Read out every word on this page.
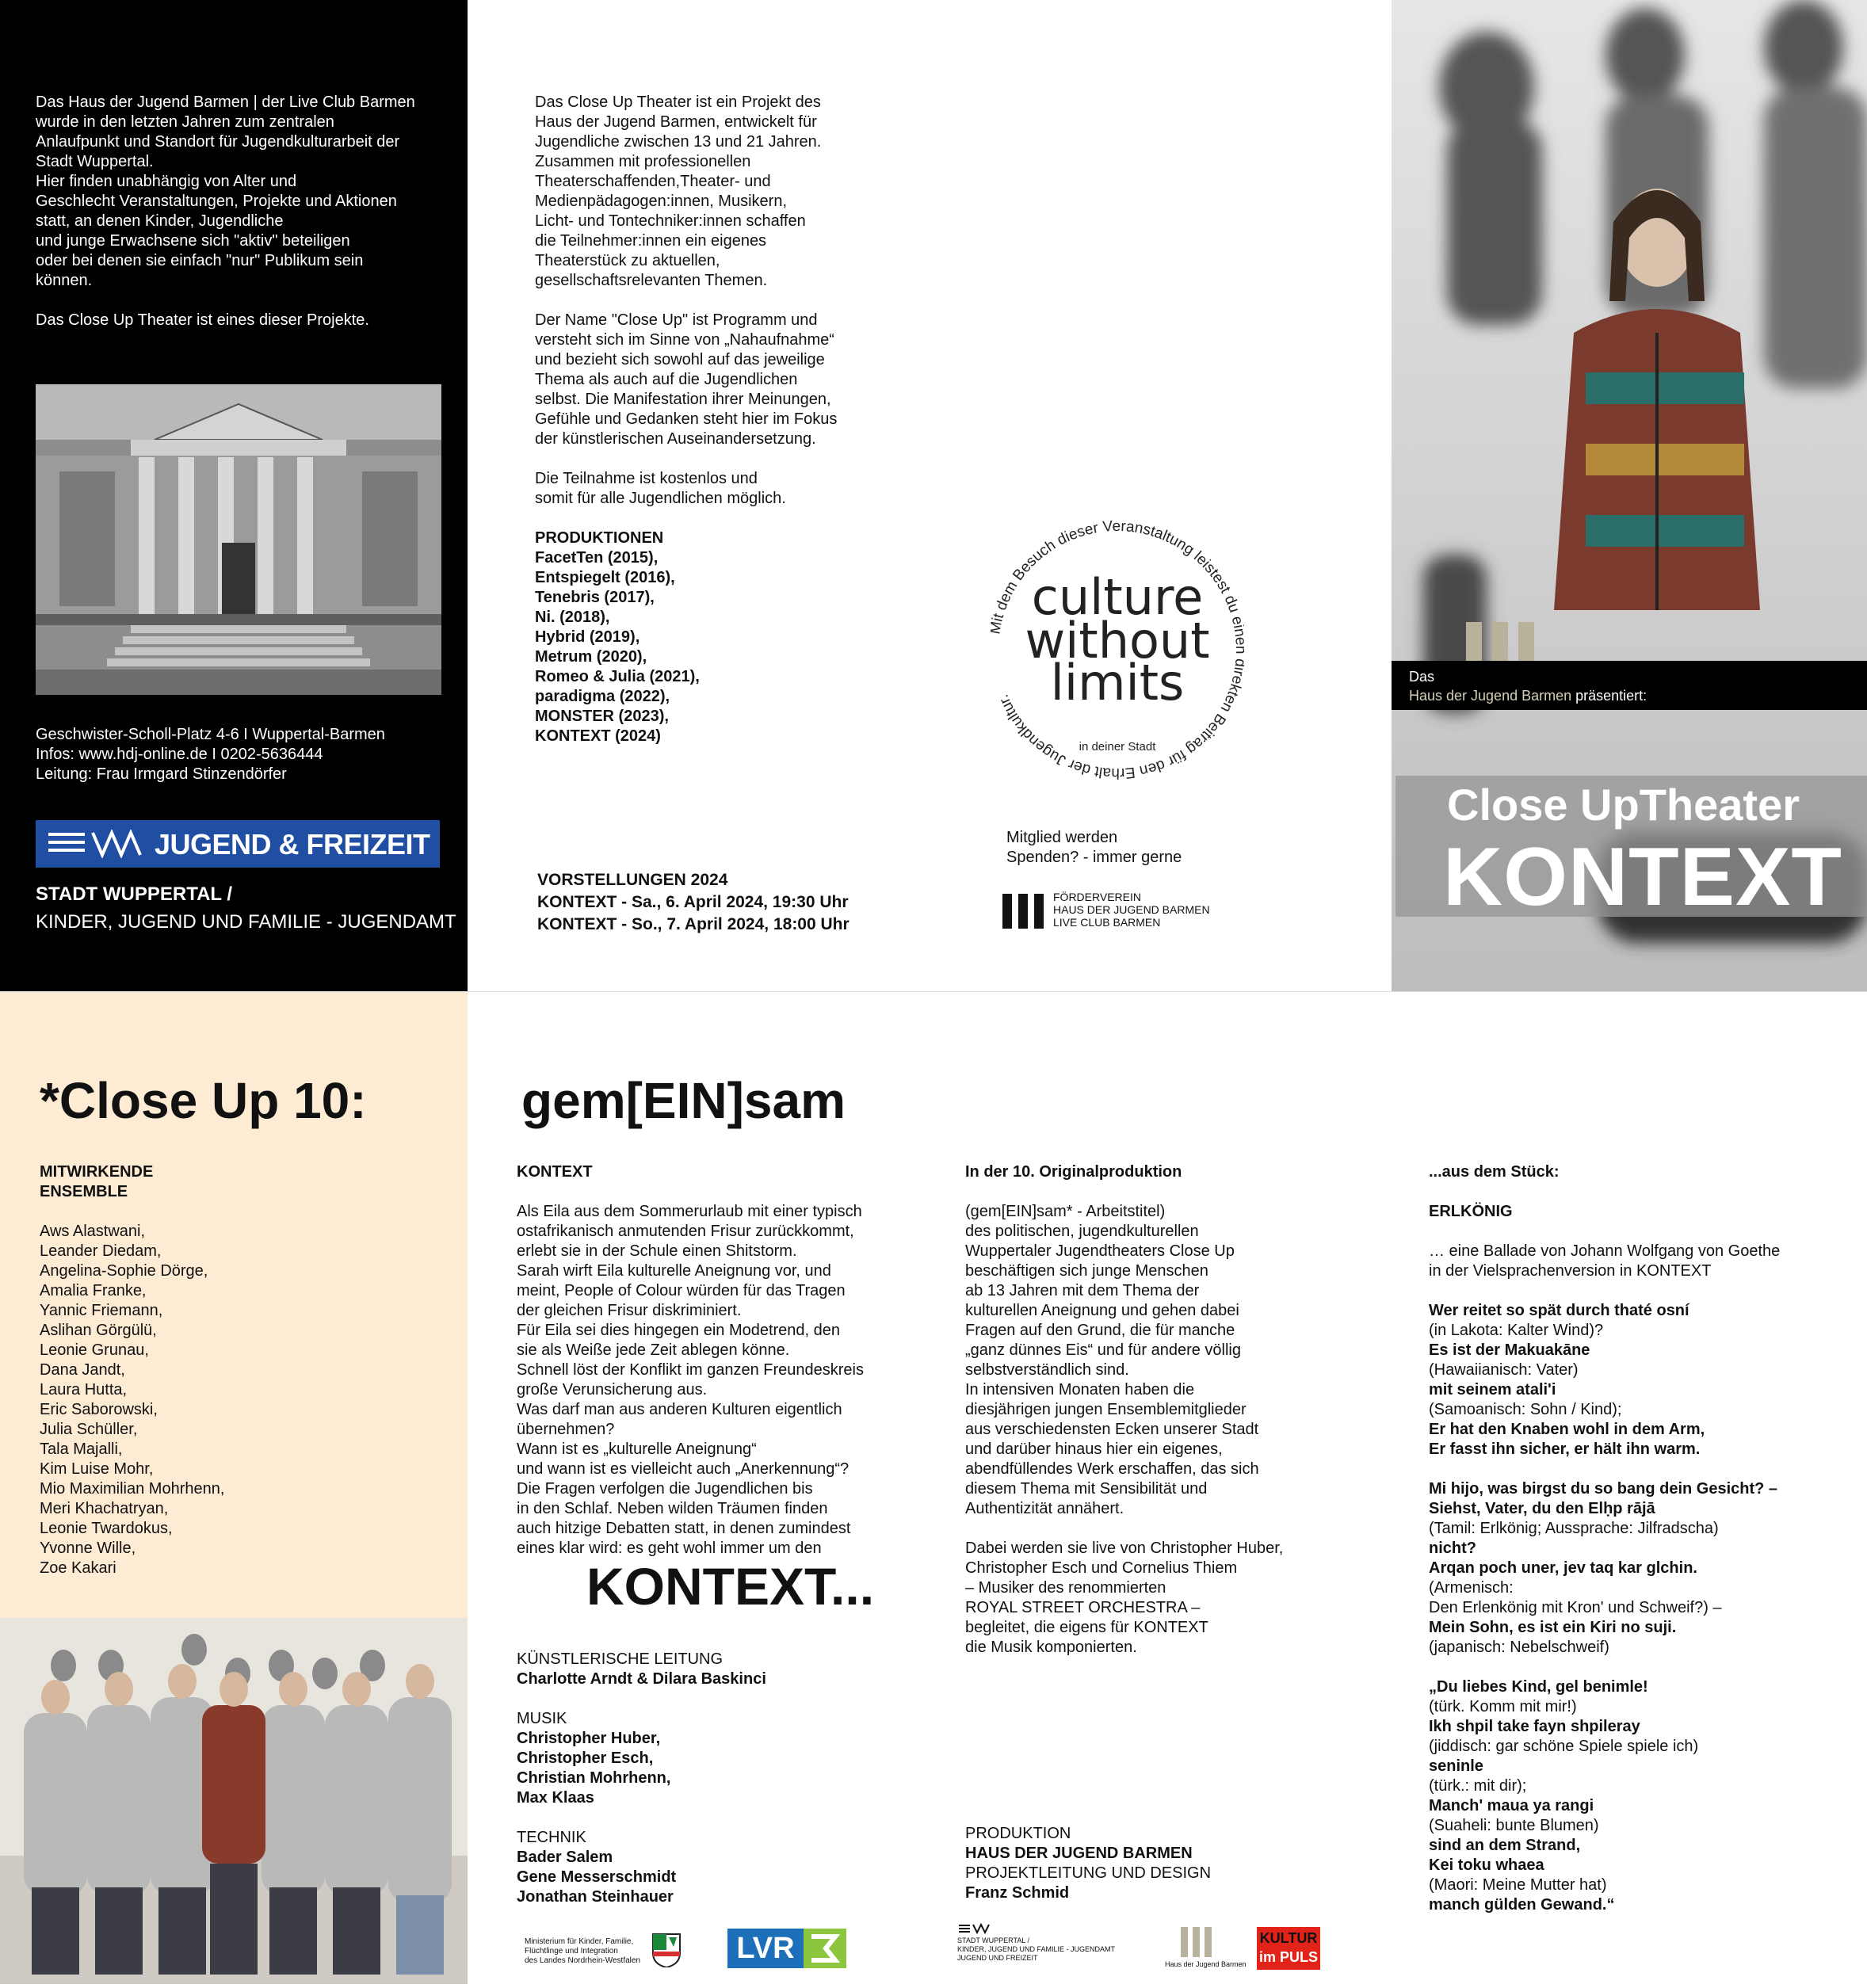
Das Haus der Jugend Barmen | der Live Club Barmen
wurde in den letzten Jahren zum zentralen
Anlaufpunkt und Standort für Jugendkulturarbeit der
Stadt Wuppertal.
Hier finden unabhängig von Alter und
Geschlecht Veranstaltungen, Projekte und Aktionen
statt, an denen Kinder, Jugendliche
und junge Erwachsene sich "aktiv" beteiligen
oder bei denen sie einfach "nur" Publikum sein
können.

Das Close Up Theater ist eines dieser Projekte.
Geschwister-Scholl-Platz 4-6 I Wuppertal-Barmen
Infos: www.hdj-online.de I 0202-5636444
Leitung: Frau Irmgard Stinzendörfer
JUGEND & FREIZEIT
STADT WUPPERTAL /
KINDER, JUGEND UND FAMILIE - JUGENDAMT
Das Close Up Theater ist ein Projekt des
Haus der Jugend Barmen, entwickelt für
Jugendliche zwischen 13 und 21 Jahren.
Zusammen mit professionellen
Theaterschaffenden,Theater- und
Medienpädagogen:innen, Musikern,
Licht- und Tontechniker:innen schaffen
die Teilnehmer:innen ein eigenes
Theaterstück zu aktuellen,
gesellschaftsrelevanten Themen.

Der Name "Close Up" ist Programm und
versteht sich im Sinne von „Nahaufnahme“
und bezieht sich sowohl auf das jeweilige
Thema als auch auf die Jugendlichen
selbst. Die Manifestation ihrer Meinungen,
Gefühle und Gedanken steht hier im Fokus
der künstlerischen Auseinandersetzung.

Die Teilnahme ist kostenlos und
somit für alle Jugendlichen möglich.
PRODUKTIONEN
FacetTen (2015),
Entspiegelt (2016),
Tenebris (2017),
Ni. (2018),
Hybrid (2019),
Metrum (2020),
Romeo & Julia (2021),
paradigma (2022),
MONSTER (2023),
KONTEXT (2024)
VORSTELLUNGEN 2024
KONTEXT - Sa., 6. April 2024, 19:30 Uhr
KONTEXT - So., 7. April 2024, 18:00 Uhr
it dem Besuch dieser Veranstaltung leistest du ekten Beitrag für den Erhalt der Jugendkultur.
culture
without
limits
in deiner Stadt
Mitglied werden
Spenden? - immer gerne
FÖRDERVEREIN
HAUS DER JUGEND BARMEN
LIVE CLUB BARMEN
Das
Haus der Jugend Barmen präsentiert:
Close UpTheater
KONTEXT
*Close Up 10:
MITWIRKENDE
ENSEMBLE
Aws Alastwani,
Leander Diedam,
Angelina-Sophie Dörge,
Amalia Franke,
Yannic Friemann,
Aslihan Görgülü,
Leonie Grunau,
Dana Jandt,
Laura Hutta,
Eric Saborowski,
Julia Schüller,
Tala Majalli,
Kim Luise Mohr,
Mio Maximilian Mohrhenn,
Meri Khachatryan,
Leonie Twardokus,
Yvonne Wille,
Zoe Kakari
gem[EIN]sam
KONTEXT
Als Eila aus dem Sommerurlaub mit einer typisch
ostafrikanisch anmutenden Frisur zurückkommt,
erlebt sie in der Schule einen Shitstorm.
Sarah wirft Eila kulturelle Aneignung vor, und
meint, People of Colour würden für das Tragen
der gleichen Frisur diskriminiert.
Für Eila sei dies hingegen ein Modetrend, den
sie als Weiße jede Zeit ablegen könne.
Schnell löst der Konflikt im ganzen Freundeskreis
große Verunsicherung aus.
Was darf man aus anderen Kulturen eigentlich
übernehmen?
Wann ist es „kulturelle Aneignung“
und wann ist es vielleicht auch „Anerkennung“?
Die Fragen verfolgen die Jugendlichen bis
in den Schlaf. Neben wilden Träumen finden
auch hitzige Debatten statt, in denen zumindest
eines klar wird: es geht wohl immer um den
KONTEXT...
KÜNSTLERISCHE LEITUNG
Charlotte Arndt & Dilara Baskinci
MUSIK
Christopher Huber,
Christopher Esch,
Christian Mohrhenn,
Max Klaas
TECHNIK
Bader Salem
Gene Messerschmidt
Jonathan Steinhauer
In der 10. Originalproduktion
(gem[EIN]sam* - Arbeitstitel)
des politischen, jugendkulturellen
Wuppertaler Jugendtheaters Close Up
beschäftigen sich junge Menschen
ab 13 Jahren mit dem Thema der
kulturellen Aneignung und gehen dabei
Fragen auf den Grund, die für manche
„ganz dünnes Eis“ und für andere völlig
selbstverständlich sind.
In intensiven Monaten haben die
diesjährigen jungen Ensemblemitglieder
aus verschiedensten Ecken unserer Stadt
und darüber hinaus hier ein eigenes,
abendfüllendes Werk erschaffen, das sich
diesem Thema mit Sensibilität und
Authentizität annähert.

Dabei werden sie live von Christopher Huber,
Christopher Esch und Cornelius Thiem
– Musiker des renommierten
ROYAL STREET ORCHESTRA –
begleitet, die eigens für KONTEXT
die Musik komponierten.
PRODUKTION
HAUS DER JUGEND BARMEN
PROJEKTLEITUNG UND DESIGN
Franz Schmid
...aus dem Stück:
ERLKÖNIG
… eine Ballade von Johann Wolfgang von Goethe
in der Vielsprachenversion in KONTEXT
Wer reitet so spät durch thaté osní
(in Lakota: Kalter Wind)?
Es ist der Makuakāne
(Hawaiianisch: Vater)
mit seinem atali'i
(Samoanisch: Sohn / Kind);
Er hat den Knaben wohl in dem Arm,
Er fasst ihn sicher, er hält ihn warm.
Mi hijo, was birgst du so bang dein Gesicht? –
Siehst, Vater, du den Elḥp rājā
(Tamil: Erlkönig; Aussprache: Jilfradscha)
nicht?
Arqan poch uner, jev taq kar glchin.
(Armenisch:
Den Erlenkönig mit Kron' und Schweif?) –
Mein Sohn, es ist ein Kiri no suji.
(japanisch: Nebelschweif)
„Du liebes Kind, gel benimle!
(türk. Komm mit mir!)
Ikh shpil take fayn shpileray
(jiddisch: gar schöne Spiele spiele ich)
seninle
(türk.: mit dir);
Manch' maua ya rangi
(Suaheli: bunte Blumen)
sind an dem Strand,
Kei toku whaea
(Maori: Meine Mutter hat)
manch gülden Gewand.“
Ministerium für Kinder, Familie,
Flüchtlinge und Integration
des Landes Nordrhein-Westfalen	LVR	STADT WUPPERTAL /
KINDER, JUGEND UND FAMILIE - JUGENDAMT
JUGEND UND FREIZEIT
Haus der Jugend Barmen
KULTUR
im PULS
